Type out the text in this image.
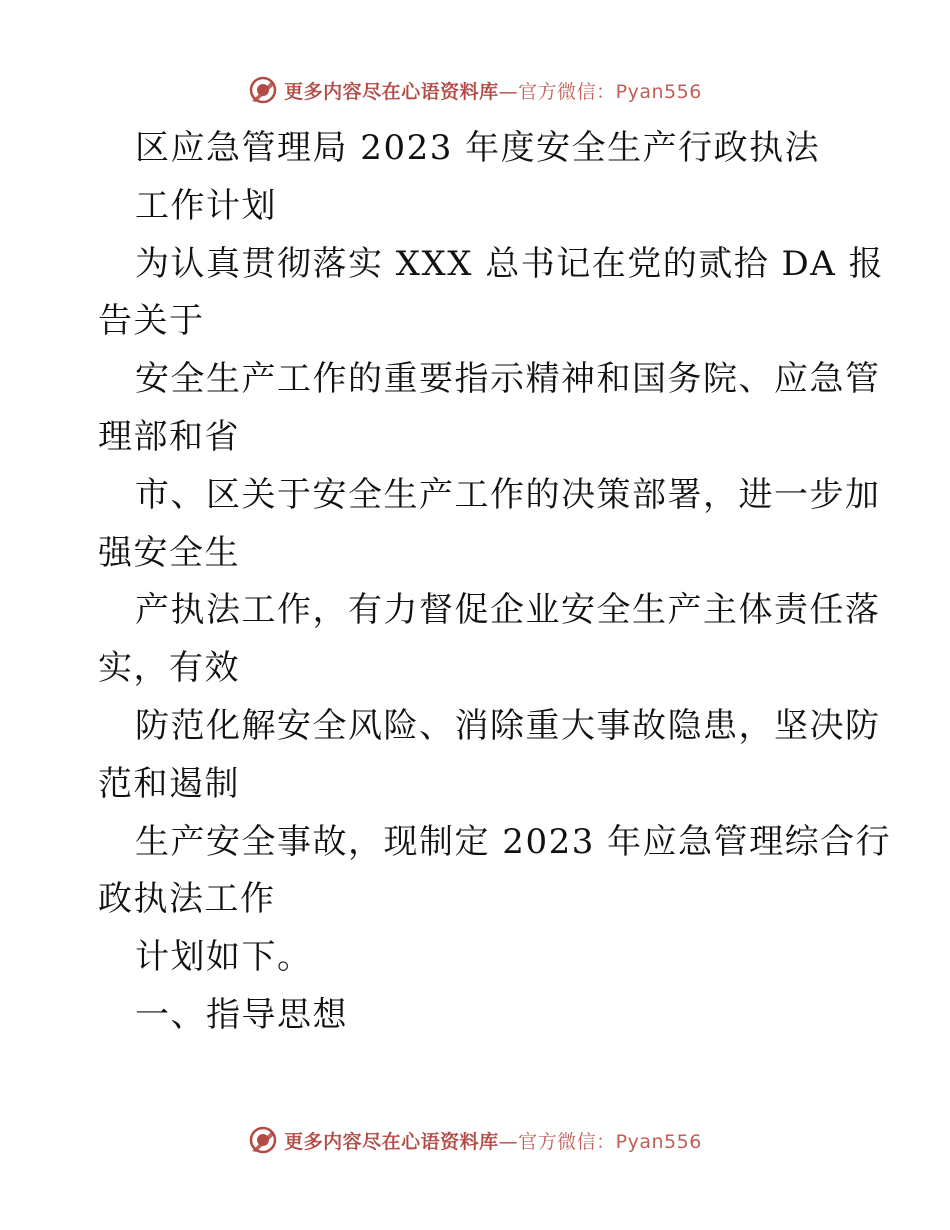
更多内容尽在心语资料库—官方微信：Pyan556
区应急管理局 2023 年度安全生产行政执法
工作计划
为认真贯彻落实 XXX 总书记在党的贰拾 DA 报
告关于
安全生产工作的重要指示精神和国务院、应急管
理部和省
市、区关于安全生产工作的决策部署，进一步加
强安全生
产执法工作，有力督促企业安全生产主体责任落
实，有效
防范化解安全风险、消除重大事故隐患，坚决防
范和遏制
生产安全事故，现制定 2023 年应急管理综合行
政执法工作
计划如下。
一、指导思想
更多内容尽在心语资料库—官方微信：Pyan556
